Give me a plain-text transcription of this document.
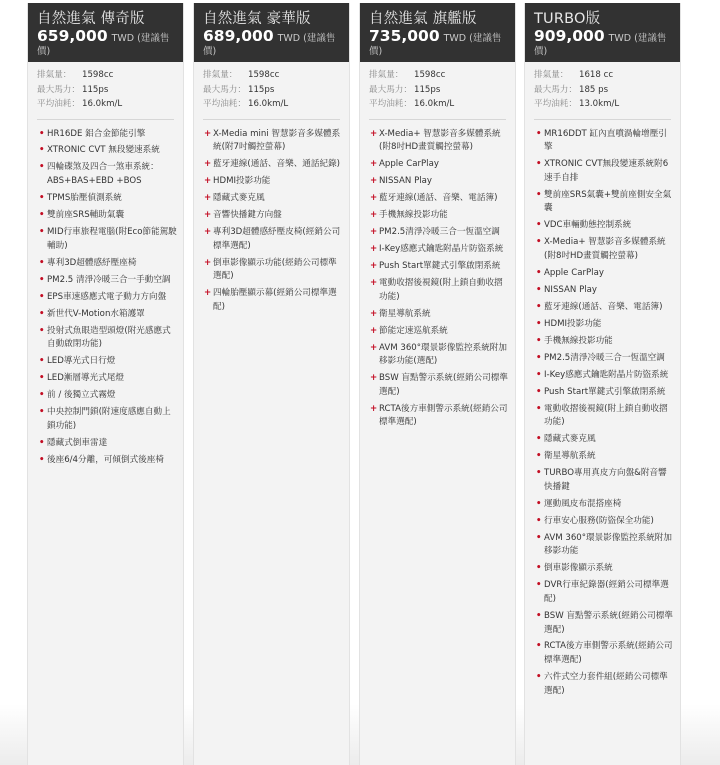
自然進氣 傳奇版
659,000 TWD (建議售
價)
排氣量： 1598cc
最大馬力： 115ps
平均油耗： 16.0km/L
• HR16DE 鋁合金節能引擎
• XTRONIC CVT 無段變速系統
• 四輪碟煞及四合一煞車系統：ABS+BAS+EBD +BOS
• TPMS胎壓偵測系統
• 雙前座SRS輔助氣囊
• MID行車旅程電腦(附Eco節能駕駛輔助)
• 專利3D超體感紓壓座椅
• PM2.5 清淨冷暖三合一手動空調
• EPS車速感應式電子動力方向盤
• 新世代V-Motion水箱護罩
• 投射式魚眼造型頭燈(附光感應式自動啟閉功能)
• LED導光式日行燈
• LED漸層導光式尾燈
• 前 / 後獨立式霧燈
• 中央控制門鎖(附速度感應自動上鎖功能)
• 隱藏式倒車雷達
• 後座6/4分離，可傾倒式後座椅
自然進氣 豪華版
689,000 TWD (建議售
價)
排氣量： 1598cc
最大馬力： 115ps
平均油耗： 16.0km/L
+ X-Media mini 智慧影音多媒體系統(附7吋觸控螢幕)
+ 藍牙連線(通話、音樂、通話紀錄)
+ HDMI投影功能
+ 隱藏式麥克風
+ 音響快播鍵方向盤
+ 專利3D超體感紓壓皮椅(經銷公司標準選配)
+ 倒車影像顯示功能(經銷公司標準選配)
+ 四輪胎壓顯示幕(經銷公司標準選配)
自然進氣 旗艦版
735,000 TWD (建議售
價)
排氣量： 1598cc
最大馬力： 115ps
平均油耗： 16.0km/L
+ X-Media+ 智慧影音多媒體系統(附8吋HD畫質觸控螢幕)
+ Apple CarPlay
+ NISSAN Play
+ 藍牙連線(通話、音樂、電話簿)
+ 手機無線投影功能
+ PM2.5清淨冷暖三合一恆溫空調
+ I-Key感應式鑰匙附晶片防盜系統
+ Push Start單鍵式引擎啟閉系統
+ 電動收摺後視鏡(附上鎖自動收摺功能)
+ 衛星導航系統
+ 節能定速巡航系統
+ AVM 360°環景影像監控系統附加移影功能(選配)
+ BSW 盲點警示系統(經銷公司標準選配)
+ RCTA後方車側警示系統(經銷公司標準選配)
TURBO版
909,000 TWD (建議售
價)
排氣量： 1618 cc
最大馬力： 185 ps
平均油耗： 13.0km/L
• MR16DDT 缸內直噴渦輪增壓引擎
• XTRONIC CVT無段變速系統附6速手自排
• 雙前座SRS氣囊+雙前座側安全氣囊
• VDC車輛動態控制系統
• X-Media+ 智慧影音多媒體系統(附8吋HD畫質觸控螢幕)
• Apple CarPlay
• NISSAN Play
• 藍牙連線(通話、音樂、電話簿)
• HDMI投影功能
• 手機無線投影功能
• PM2.5清淨冷暖三合一恆溫空調
• I-Key感應式鑰匙附晶片防盜系統
• Push Start單鍵式引擎啟閉系統
• 電動收摺後視鏡(附上鎖自動收摺功能)
• 隱藏式麥克風
• 衛星導航系統
• TURBO專用真皮方向盤&附音響快播鍵
• 運動風皮布混搭座椅
• 行車安心服務(防盜保全功能)
• AVM 360°環景影像監控系統附加移影功能
• 倒車影像顯示系統
• DVR行車紀錄器(經銷公司標準選配)
• BSW 盲點警示系統(經銷公司標準選配)
• RCTA後方車側警示系統(經銷公司標準選配)
• 六件式空力套件組(經銷公司標準選配)
